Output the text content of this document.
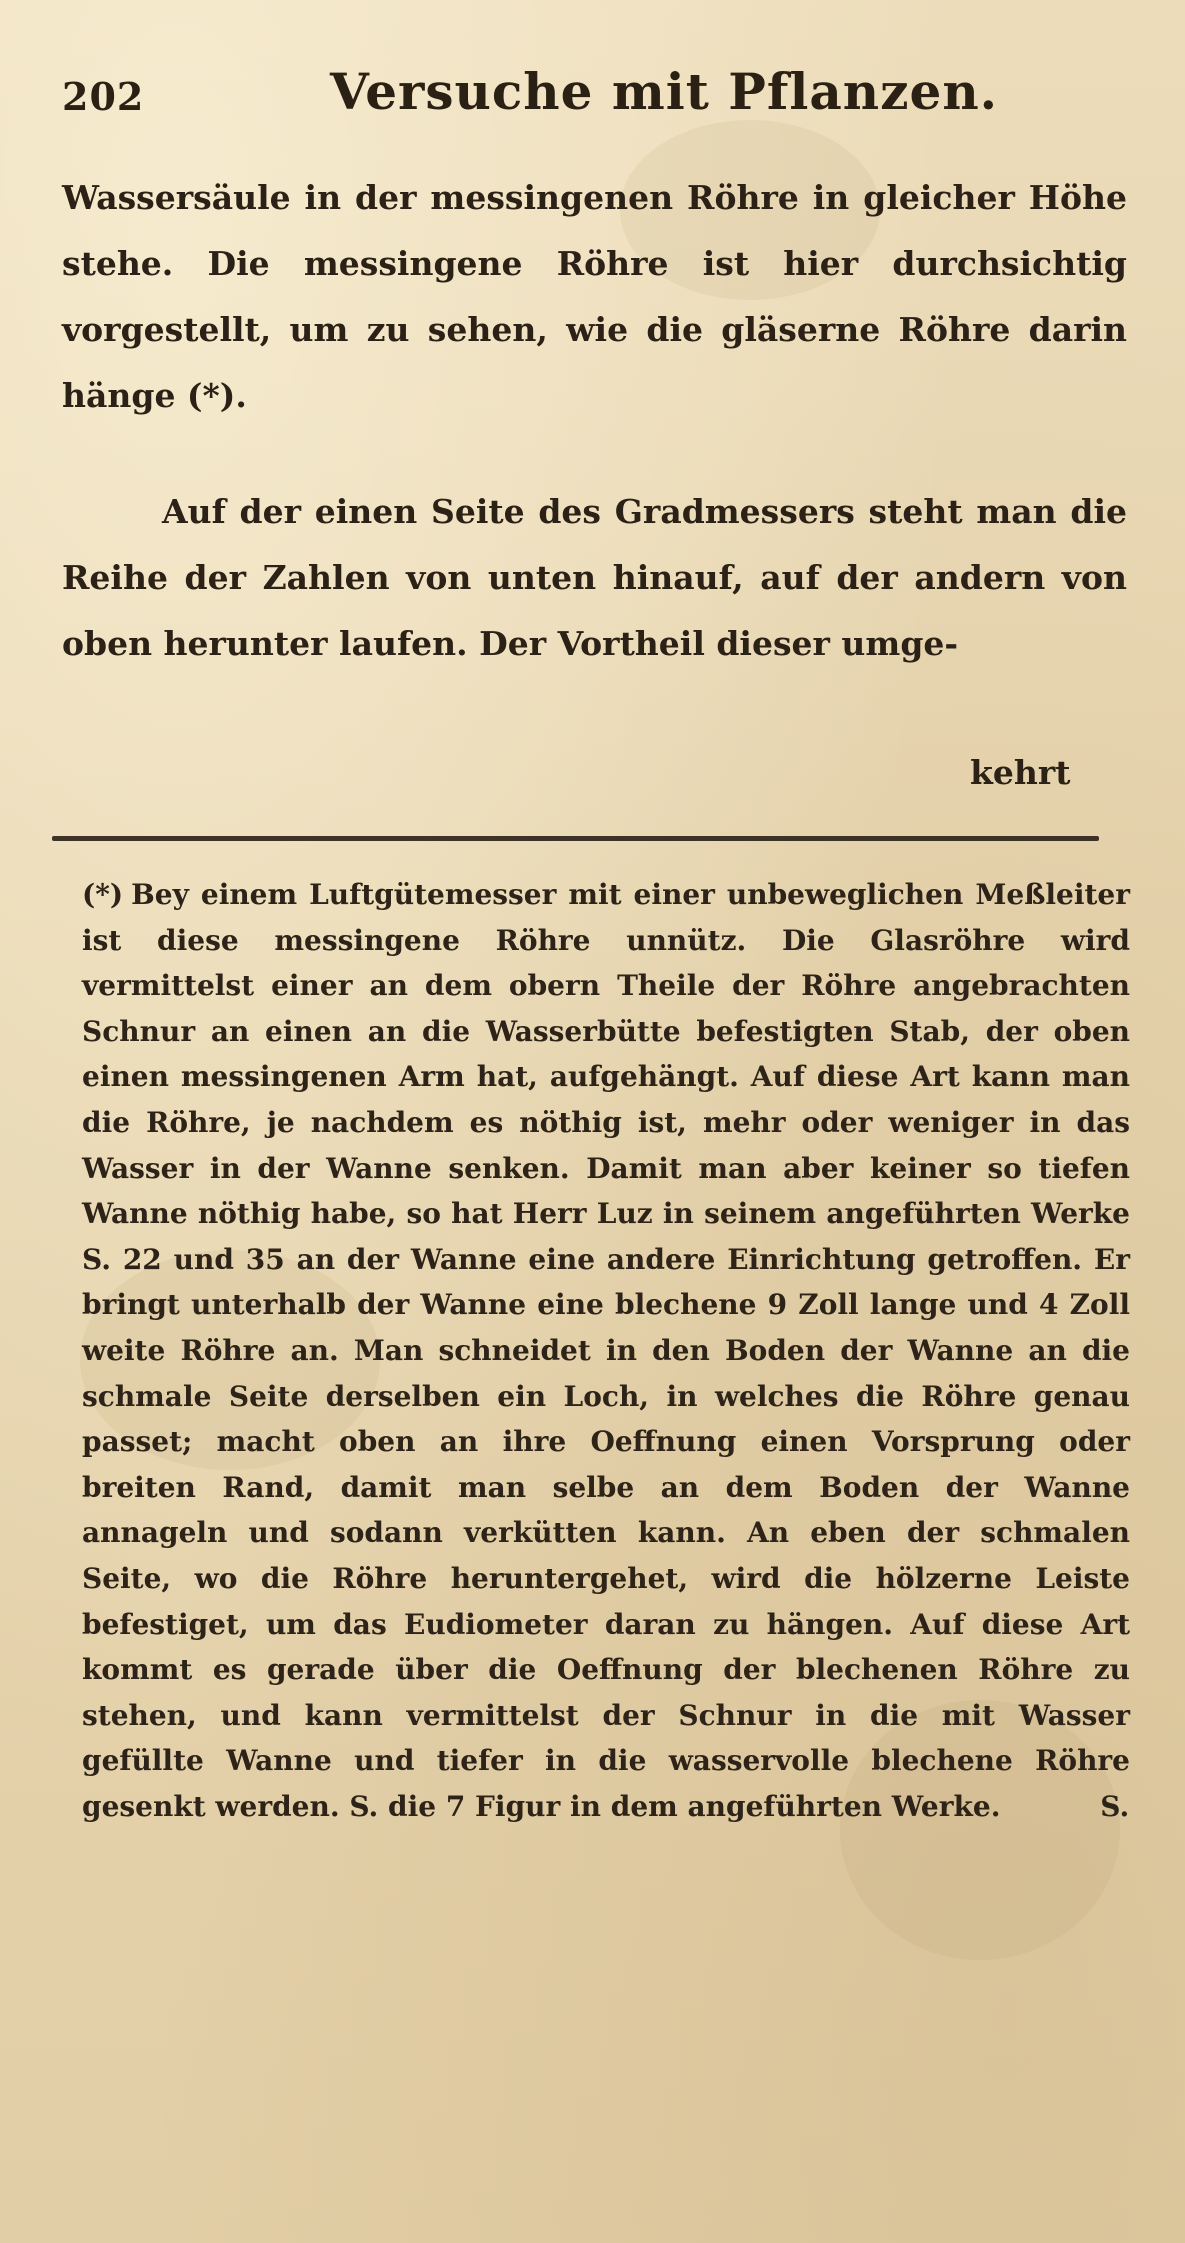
202	Versuche mit Pflanzen.

Wassersäule in der messingenen Röhre in gleicher Höhe stehe. Die messingene Röhre ist hier durchsichtig vorgestellt, um zu sehen, wie die gläserne Röhre darin hänge (*).

Auf der einen Seite des Gradmessers steht man die Reihe der Zahlen von unten hinauf, auf der andern von oben herunter laufen. Der Vortheil dieser umge-

kehrt
(*) Bey einem Luftgütemesser mit einer unbeweglichen Meßleiter ist diese messingene Röhre unnütz. Die Glasröhre wird vermittelst einer an dem obern Theile der Röhre angebrachten Schnur an einen an die Wasserbütte befestigten Stab, der oben einen messingenen Arm hat, aufgehängt. Auf diese Art kann man die Röhre, je nachdem es nöthig ist, mehr oder weniger in das Wasser in der Wanne senken. Damit man aber keiner so tiefen Wanne nöthig habe, so hat Herr Luz in seinem angeführten Werke S. 22 und 35 an der Wanne eine andere Einrichtung getroffen. Er bringt unterhalb der Wanne eine blechene 9 Zoll lange und 4 Zoll weite Röhre an. Man schneidet in den Boden der Wanne an die schmale Seite derselben ein Loch, in welches die Röhre genau passet; macht oben an ihre Oeffnung einen Vorsprung oder breiten Rand, damit man selbe an dem Boden der Wanne annageln und sodann verkütten kann. An eben der schmalen Seite, wo die Röhre heruntergehet, wird die hölzerne Leiste befestiget, um das Eudiometer daran zu hängen. Auf diese Art kommt es gerade über die Oeffnung der blechenen Röhre zu stehen, und kann vermittelst der Schnur in die mit Wasser gefüllte Wanne und tiefer in die wasservolle blechene Röhre gesenkt werden. S. die 7 Figur in dem angeführten Werke.	S.
